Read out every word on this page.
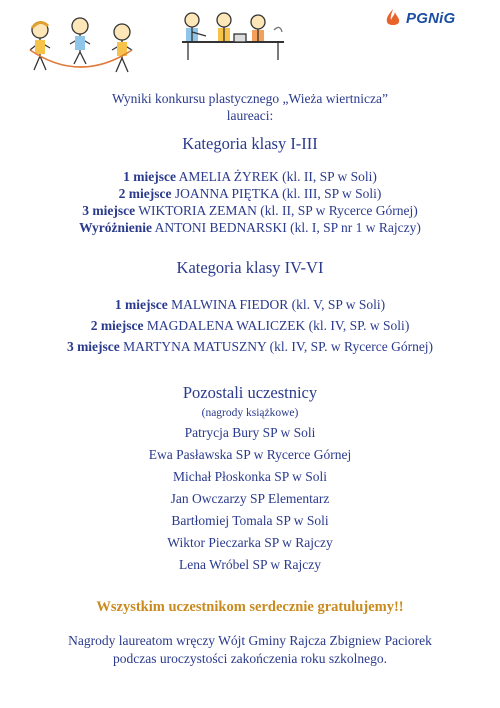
PGNiG

Wyniki konkursu plastycznego „Wieża wiertnicza”

laureaci:

Kategoria klasy I-III

1 miejsce AMELIA ŻYREK (kl. II, SP w Soli)

2 miejsce JOANNA PIĘTKA (kl. III, SP w Soli)

3 miejsce WIKTORIA ZEMAN (kl. II, SP w Rycerce Górnej)

Wyróżnienie ANTONI BEDNARSKI (kl. I, SP nr 1 w Rajczy)

Kategoria klasy IV-VI

1 miejsce MALWINA FIEDOR (kl. V, SP w Soli)

2 miejsce MAGDALENA WALICZEK (kl. IV, SP. w Soli)

3 miejsce MARTYNA MATUSZNY (kl. IV, SP. w Rycerce Górnej)

Pozostali uczestnicy

(nagrody książkowe)

Patrycja Bury SP w Soli

Ewa Pasławska SP w Rycerce Górnej

Michał Płoskonka SP w Soli

Jan Owczarzy SP Elementarz

Bartłomiej Tomala SP w Soli

Wiktor Pieczarka SP w Rajczy

Lena Wróbel SP w Rajczy

Wszystkim uczestnikom serdecznie gratulujemy!!

Nagrody laureatom wręczy Wójt Gminy Rajcza Zbigniew Paciorek

podczas uroczystości zakończenia roku szkolnego.
